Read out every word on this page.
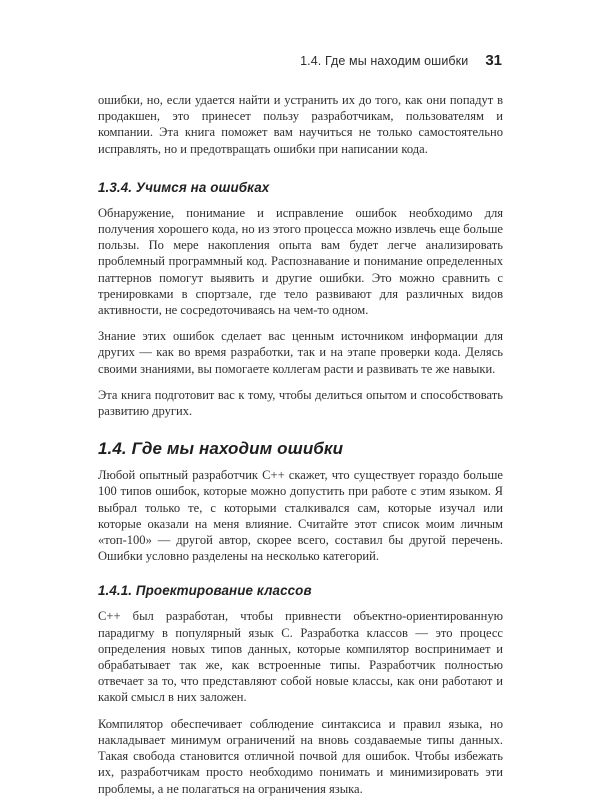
1.4. Где мы находим ошибки 31

ошибки, но, если удается найти и устранить их до того, как они попадут в продакшен, это принесет пользу разработчикам, пользователям и компании. Эта книга поможет вам научиться не только самостоятельно исправлять, но и предотвращать ошибки при написании кода.

1.3.4. Учимся на ошибках

Обнаружение, понимание и исправление ошибок необходимо для получения хорошего кода, но из этого процесса можно извлечь еще больше пользы. По мере накопления опыта вам будет легче анализировать проблемный программный код. Распознавание и понимание определенных паттернов помогут выявить и другие ошибки. Это можно сравнить с тренировками в спортзале, где тело развивают для различных видов активности, не сосредоточиваясь на чем-то одном.

Знание этих ошибок сделает вас ценным источником информации для других — как во время разработки, так и на этапе проверки кода. Делясь своими знаниями, вы помогаете коллегам расти и развивать те же навыки.

Эта книга подготовит вас к тому, чтобы делиться опытом и способствовать развитию других.

1.4. Где мы находим ошибки

Любой опытный разработчик C++ скажет, что существует гораздо больше 100 типов ошибок, которые можно допустить при работе с этим языком. Я выбрал только те, с которыми сталкивался сам, которые изучал или которые оказали на меня влияние. Считайте этот список моим личным «топ-100» — другой автор, скорее всего, составил бы другой перечень. Ошибки условно разделены на несколько категорий.

1.4.1. Проектирование классов

C++ был разработан, чтобы привнести объектно-ориентированную парадигму в популярный язык C. Разработка классов — это процесс определения новых типов данных, которые компилятор воспринимает и обрабатывает так же, как встроенные типы. Разработчик полностью отвечает за то, что представляют собой новые классы, как они работают и какой смысл в них заложен.

Компилятор обеспечивает соблюдение синтаксиса и правил языка, но накладывает минимум ограничений на вновь создаваемые типы данных. Такая свобода становится отличной почвой для ошибок. Чтобы избежать их, разработчикам просто необходимо понимать и минимизировать эти проблемы, а не полагаться на ограничения языка.
